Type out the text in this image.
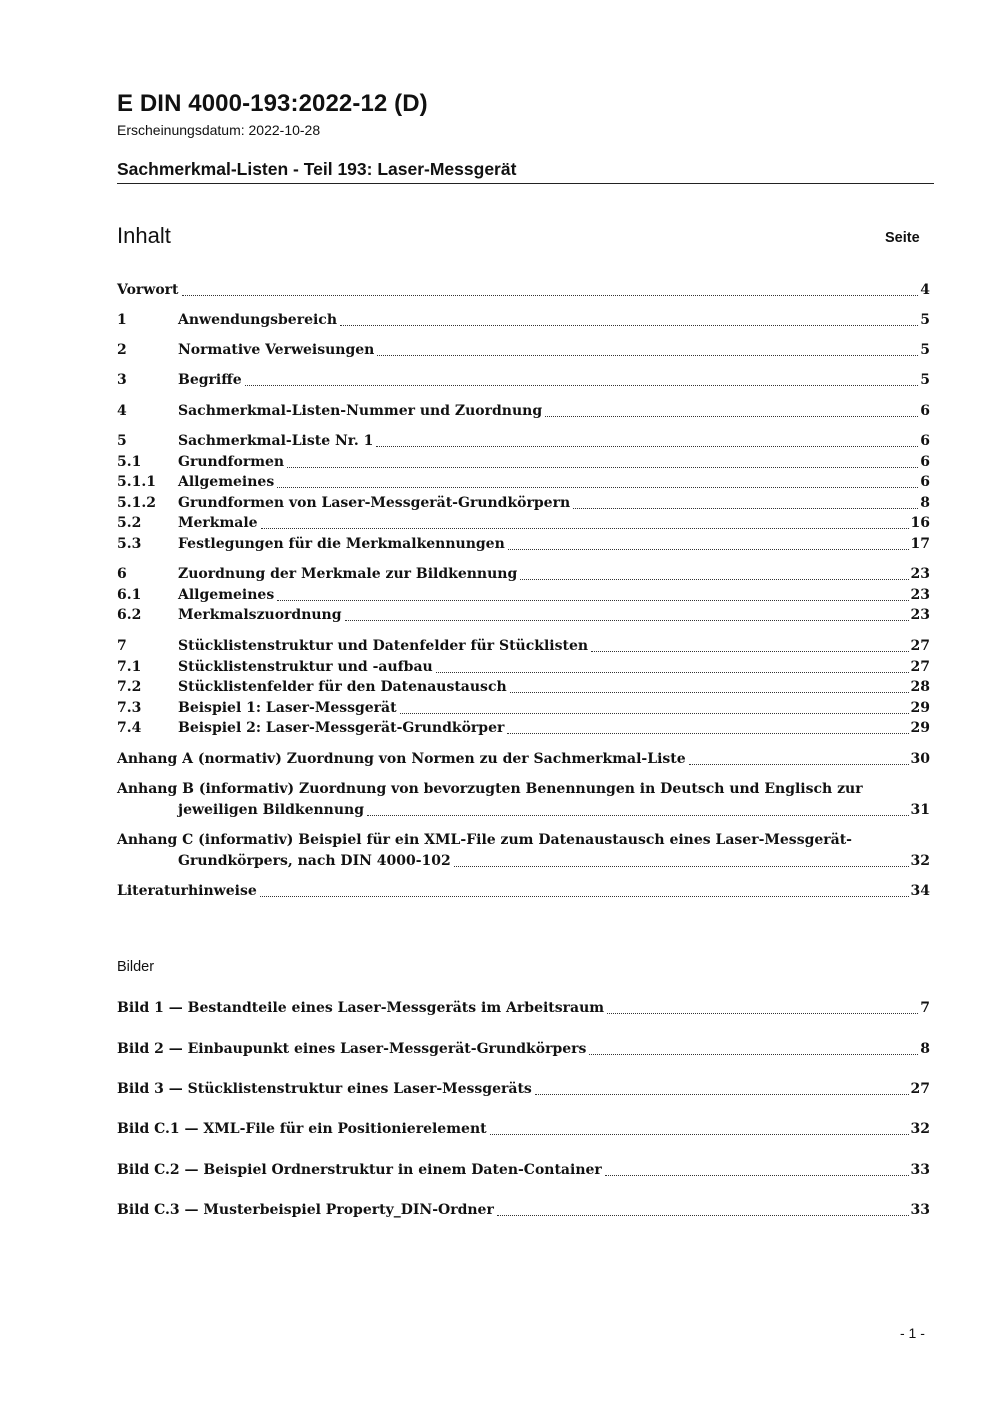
E DIN 4000-193:2022-12 (D)
Erscheinungsdatum: 2022-10-28
Sachmerkmal-Listen - Teil 193: Laser-Messgerät
Inhalt	Seite
Vorwort	4
1	Anwendungsbereich	5
2	Normative Verweisungen	5
3	Begriffe	5
4	Sachmerkmal-Listen-Nummer und Zuordnung	6
5	Sachmerkmal-Liste Nr. 1	6
5.1	Grundformen	6
5.1.1	Allgemeines	6
5.1.2	Grundformen von Laser-Messgerät-Grundkörpern	8
5.2	Merkmale	16
5.3	Festlegungen für die Merkmalkennungen	17
6	Zuordnung der Merkmale zur Bildkennung	23
6.1	Allgemeines	23
6.2	Merkmalszuordnung	23
7	Stücklistenstruktur und Datenfelder für Stücklisten	27
7.1	Stücklistenstruktur und -aufbau	27
7.2	Stücklistenfelder für den Datenaustausch	28
7.3	Beispiel 1: Laser-Messgerät	29
7.4	Beispiel 2: Laser-Messgerät-Grundkörper	29
Anhang A (normativ) Zuordnung von Normen zu der Sachmerkmal-Liste	30
Anhang B (informativ) Zuordnung von bevorzugten Benennungen in Deutsch und Englisch zur
jeweiligen Bildkennung	31
Anhang C (informativ) Beispiel für ein XML-File zum Datenaustausch eines Laser-Messgerät-
Grundkörpers, nach DIN 4000-102	32
Literaturhinweise	34
Bilder
Bild 1 — Bestandteile eines Laser-Messgeräts im Arbeitsraum	7
Bild 2 — Einbaupunkt eines Laser-Messgerät-Grundkörpers	8
Bild 3 — Stücklistenstruktur eines Laser-Messgeräts	27
Bild C.1 — XML-File für ein Positionierelement	32
Bild C.2 — Beispiel Ordnerstruktur in einem Daten-Container	33
Bild C.3 — Musterbeispiel Property_DIN-Ordner	33
- 1 -
